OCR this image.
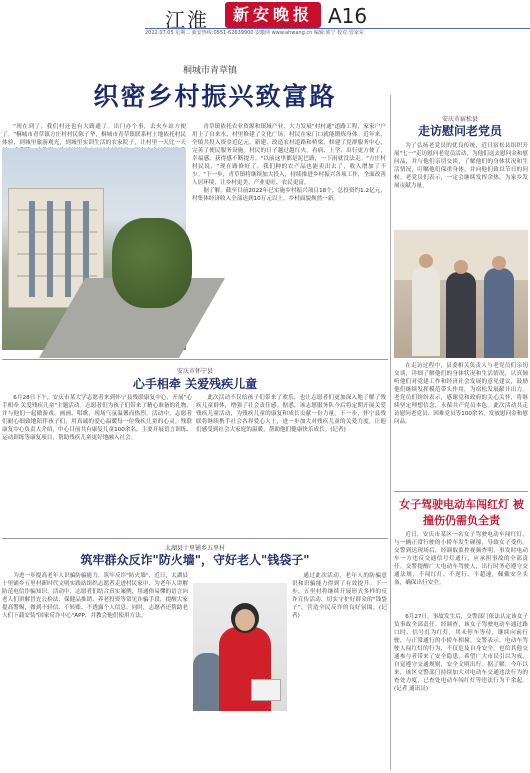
江淮	新安晚报 A16
2022.07.05 星期二 新安热线:0551-62639900 安徽网 www.ahwang.cn 编辑:郭宁 校对:管家荣
桐城市青草镇
织密乡村振兴致富路

"现在到了，我们村还也有大路通了。出门办个事，去火车站方便了。"桐城市青草镇方庄村村民陈子华，桐城市青草镇联系村土地依托村民体验，到城里旅游观光，到城里实训生活的农家院子，让村里一天比一天

青草镇依托农业资源和镇域产业，大力发展"村村通"道路工程，家家户户用上了自来水，村里修建了文化广场，村民在家门口就能锻炼身体。近年来，全镇共投入资金近亿元，新建、改造农村道路和桥梁，修建了党群服务中心，完善了便民服务设施。村民的日子越过越红火，看病、上学、出行更方便了，幸福感、获得感不断提升。"以前这里都是泥巴路，一下雨就没法走。"方庄村村民说，"现在路修好了，我们种的农产品也能卖出去了，收入增加了不少。"下一步，青草镇将继续加大投入，持续推进乡村振兴各项工作，全面改善人居环境，让乡村更美、产业更旺、农民更富。

据了解，截至目前2022年已实施乡村振兴项目18个，总投资约1.2亿元，村集体经济收入全部达到10万元以上，乡村面貌焕然一新。

安庆市宿松县
走访慰问老党员

为了弘扬老党员的优良传统，近日宿松县组织开展"七一"走访慰问老党员活动，为他们送去慰问金和慰问品，并与他们亲切交谈，了解他们的身体状况和生活情况，叮嘱他们保重身体，并向他们致以节日的问候。老党员们表示，一定会继续发挥余热，为家乡发展贡献力量。

在走访过程中，县委相关负责人与老党员们亲切交谈，详细了解他们的身体状况和生活情况，认真倾听他们对党建工作和经济社会发展的意见建议，鼓励他们继续发挥模范带头作用，为宿松发展献计出力。老党员们纷纷表示，感谢党和政府的关心关怀，将继续坚定理想信念，永葆共产党员本色。此次活动共走访慰问老党员、困难党员等100余名，发放慰问金和慰问品。

安庆市怀宁县
心手相牵 关爱残疾儿童

6月28日下午，安庆市某大学志愿者来到怀宁县残联康复中心，开展"心手相牵 关爱残疾儿童"主题活动。志愿者们为孩子们带来了精心准备的礼物，并与他们一起做游戏、画画、唱歌，现场气氛温馨而热烈。活动中，志愿者们耐心细致地陪伴孩子们，用真诚的爱心温暖每一位残疾儿童的心灵。残联康复中心负责人介绍，中心目前共有康复儿童100余名，主要开展语言训练、运动训练等康复项目，帮助残疾儿童更好地融入社会。

此次活动不仅给孩子们带来了欢乐，也让志愿者们更加深入地了解了残疾儿童群体，增强了社会责任感。据悉，该志愿服务队今后将定期开展关爱残疾儿童活动，为残疾儿童的康复和成长贡献一份力量。下一步，怀宁县残联将继续携手社会各界爱心人士，进一步加大对残疾儿童的关爱力度，让他们感受到社会大家庭的温暖，帮助他们健康快乐成长。(记者)

女子驾驶电动车闯红灯 被撞伤仍需负全责

近日，安庆市某区一名女子驾驶电动车闯红灯，与一辆正常行驶的小轿车发生碰撞，导致女子受伤。交警到达现场后，经调取监控视频查明，事发时电动车一方违反交通信号灯通行，应承担事故的全部责任。交警提醒广大电动车驾驶人，出行时务必遵守交通法规，不闯红灯、不逆行、不超速，佩戴安全头盔，确保出行安全。

6月27日，事故发生后，交警部门依法认定该女子负事故全部责任。经调查，该女子驾驶电动车通过路口时，信号灯为红灯，其未停车等待，继续向前行驶，与正常通行的小轿车相撞。交警表示，电动车驾驶人闯红灯的行为，不仅危及自身安全，也给其他交通参与者带来了安全隐患，希望广大市民引以为戒，自觉遵守交通规则，安全文明出行。据了解，今年以来，该区交警部门持续加大对电动车交通违法行为的查处力度，已查处电动车闯红灯等违法行为千余起。(记者 通讯员)

太湖县十里铺乡五里村
筑牢群众反诈"防火墙"，守好老人"钱袋子"

为进一步提高老年人识骗防骗能力，筑牢反诈"防火墙"，近日，太湖县十里铺乡五里村新时代文明实践站组织志愿者走进村民家中，为老年人讲解防范电信诈骗知识。活动中，志愿者们结合真实案例，用通俗易懂的语言向老人们讲解冒充公检法、保健品推销、养老投资等常见诈骗手段，提醒大家提高警惕，做到不轻信、不转账、不透露个人信息。同时，志愿者还帮助老人们下载安装"国家反诈中心"APP，并教会他们使用方法。

通过此次活动，老年人的防骗意识和识骗能力得到了有效提升。下一步，五里村将继续开展形式多样的反诈宣传活动，切实守护好群众的"钱袋子"，营造全民反诈的良好氛围。(记者)
